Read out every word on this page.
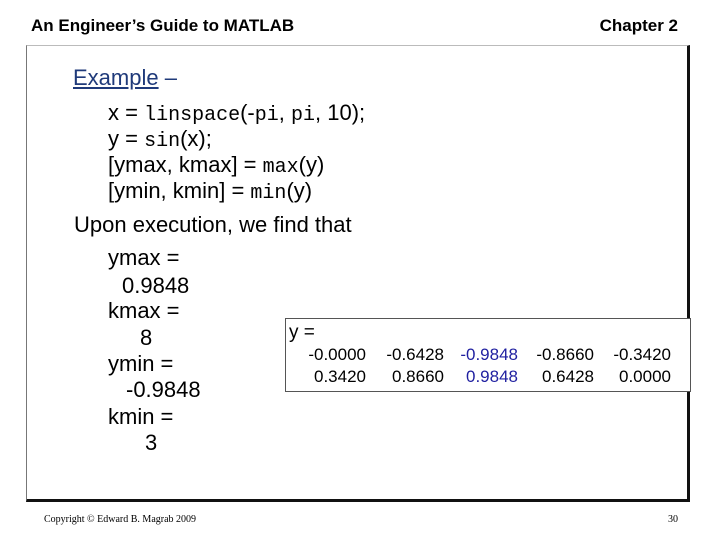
An Engineer’s Guide to MATLAB	Chapter 2
Example –
x = linspace(-pi, pi, 10);
y = sin(x);
[ymax, kmax] = max(y)
[ymin, kmin] = min(y)
Upon execution, we find that
ymax =
0.9848
kmax =
8
ymin =
-0.9848
kmin =
3
y =
-0.0000	-0.6428 -0.9848	-0.8660	-0.3420
0.3420	0.8660	0.9848	0.6428	0.0000
Copyright © Edward B. Magrab 2009	30
